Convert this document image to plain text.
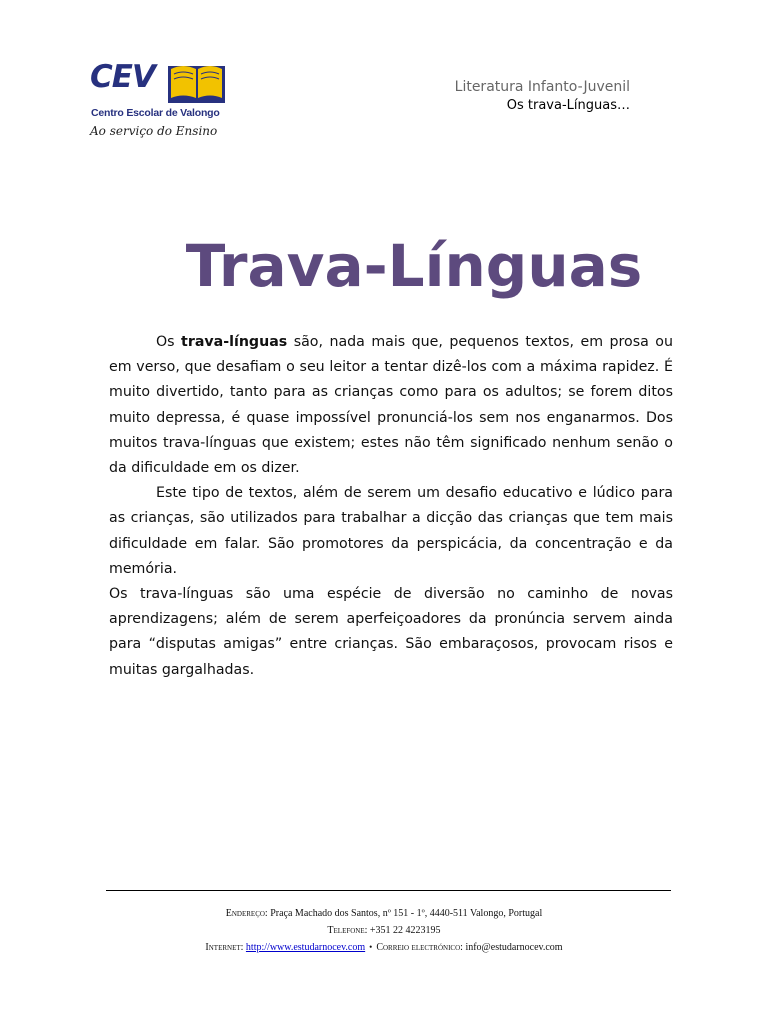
CEV
Centro Escolar de Valongo
Ao serviço do Ensino
Literatura Infanto-Juvenil
Os trava-Línguas…
Trava-Línguas

Os trava-línguas são, nada mais que, pequenos textos, em prosa ou em verso, que desafiam o seu leitor a tentar dizê-los com a máxima rapidez. É muito divertido, tanto para as crianças como para os adultos; se forem ditos muito depressa, é quase impossível pronunciá-los sem nos enganarmos. Dos muitos trava-línguas que existem; estes não têm significado nenhum senão o da dificuldade em os dizer.

Este tipo de textos, além de serem um desafio educativo e lúdico para as crianças, são utilizados para trabalhar a dicção das crianças que tem mais dificuldade em falar. São promotores da perspicácia, da concentração e da memória.

Os trava-línguas são uma espécie de diversão no caminho de novas aprendizagens; além de serem aperfeiçoadores da pronúncia servem ainda para “disputas amigas” entre crianças. São embaraçosos, provocam risos e muitas gargalhadas.

Endereço: Praça Machado dos Santos, nº 151 - 1º, 4440-511 Valongo, Portugal
Telefone: +351 22 4223195
Internet: http://www.estudarnocev.com • Correio electrónico: info@estudarnocev.com
